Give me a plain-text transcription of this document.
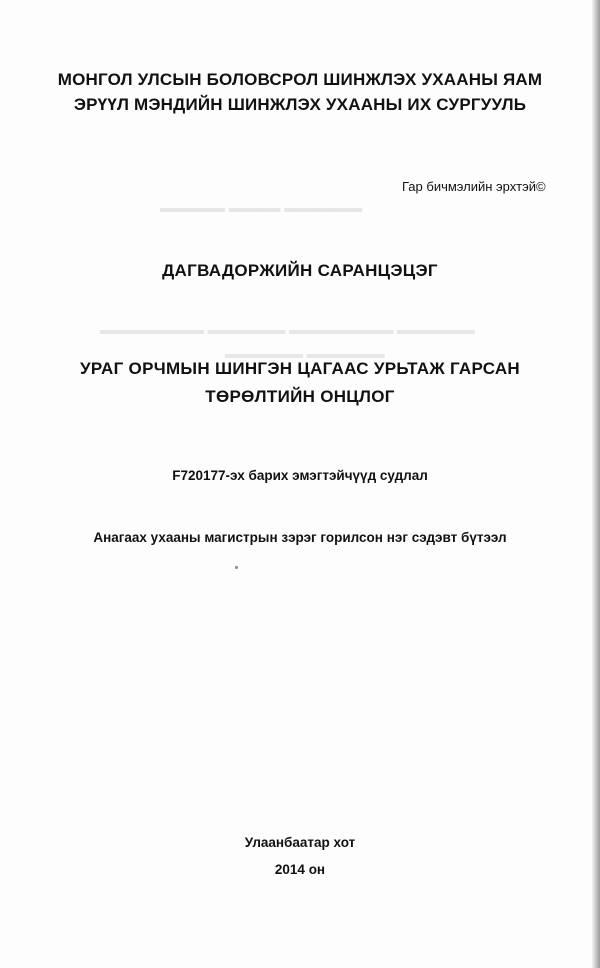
▬▬▬▬▬ ▬▬▬▬ ▬▬▬▬▬▬
▬▬▬▬▬▬▬▬ ▬▬▬▬▬▬ ▬▬▬▬▬▬▬▬ ▬▬▬▬▬▬
▬▬▬▬▬▬ ▬▬▬▬▬▬
МОНГОЛ УЛСЫН БОЛОВСРОЛ ШИНЖЛЭХ УХААНЫ ЯАМ
ЭРҮҮЛ МЭНДИЙН ШИНЖЛЭХ УХААНЫ ИХ СУРГУУЛЬ
Гар бичмэлийн эрхтэй©
ДАГВАДОРЖИЙН САРАНЦЭЦЭГ
УРАГ ОРЧМЫН ШИНГЭН ЦАГААС УРЬТАЖ ГАРСАН
ТӨРӨЛТИЙН ОНЦЛОГ
F720177-эх барих эмэгтэйчүүд судлал
Анагаах ухааны магистрын зэрэг горилсон нэг сэдэвт бүтээл
Улаанбаатар хот
2014 он
